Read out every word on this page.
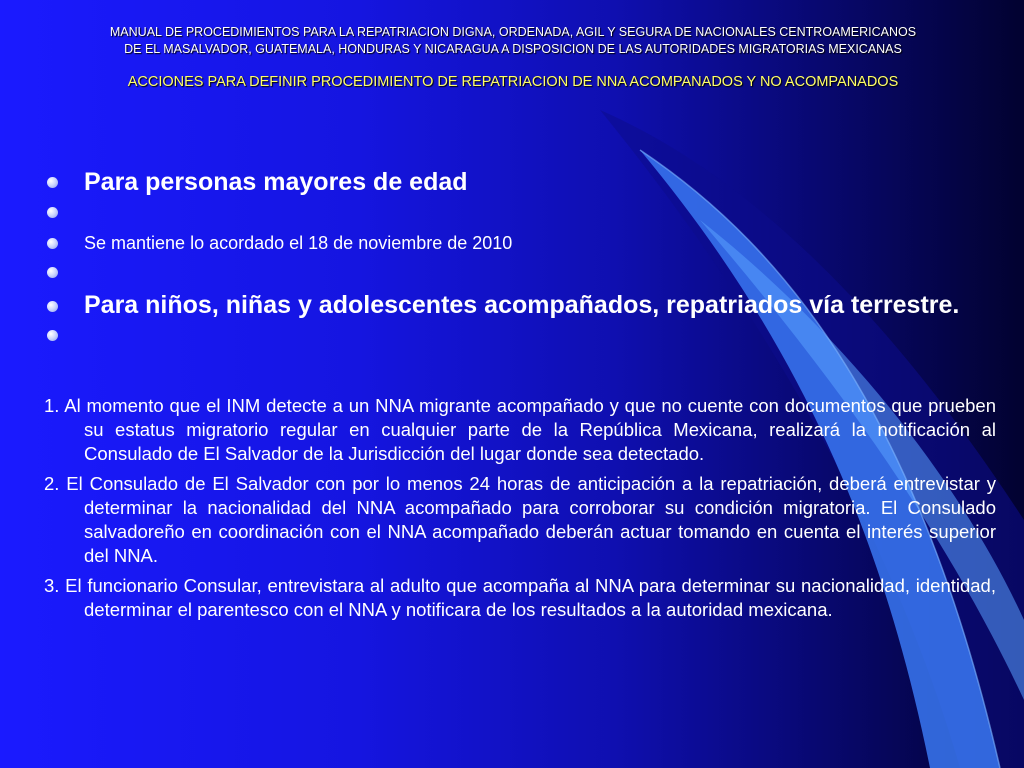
MANUAL DE PROCEDIMIENTOS PARA LA REPATRIACION DIGNA, ORDENADA, AGIL Y SEGURA DE NACIONALES CENTROAMERICANOS DE EL MASALVADOR, GUATEMALA, HONDURAS Y NICARAGUA A DISPOSICION DE LAS AUTORIDADES MIGRATORIAS MEXICANAS
ACCIONES PARA DEFINIR PROCEDIMIENTO DE REPATRIACION DE NNA ACOMPANADOS Y NO ACOMPANADOS
Para personas mayores de edad
Se mantiene lo acordado el 18 de noviembre de 2010
Para niños, niñas y adolescentes acompañados, repatriados vía terrestre.

1. Al momento que el INM detecte a un NNA migrante acompañado y que no cuente con documentos que prueben su estatus migratorio regular en cualquier parte de la República Mexicana, realizará la notificación al Consulado de El Salvador de la Jurisdicción del lugar donde sea detectado.

2. El Consulado de El Salvador con por lo menos 24 horas de anticipación a la repatriación, deberá entrevistar y determinar la nacionalidad del NNA acompañado para corroborar su condición migratoria. El Consulado salvadoreño en coordinación con el NNA acompañado deberán actuar tomando en cuenta el interés superior del NNA.

3. El funcionario Consular, entrevistara al adulto que acompaña al NNA para determinar su nacionalidad, identidad, determinar el parentesco con el NNA y notificara de los resultados a la autoridad mexicana.
